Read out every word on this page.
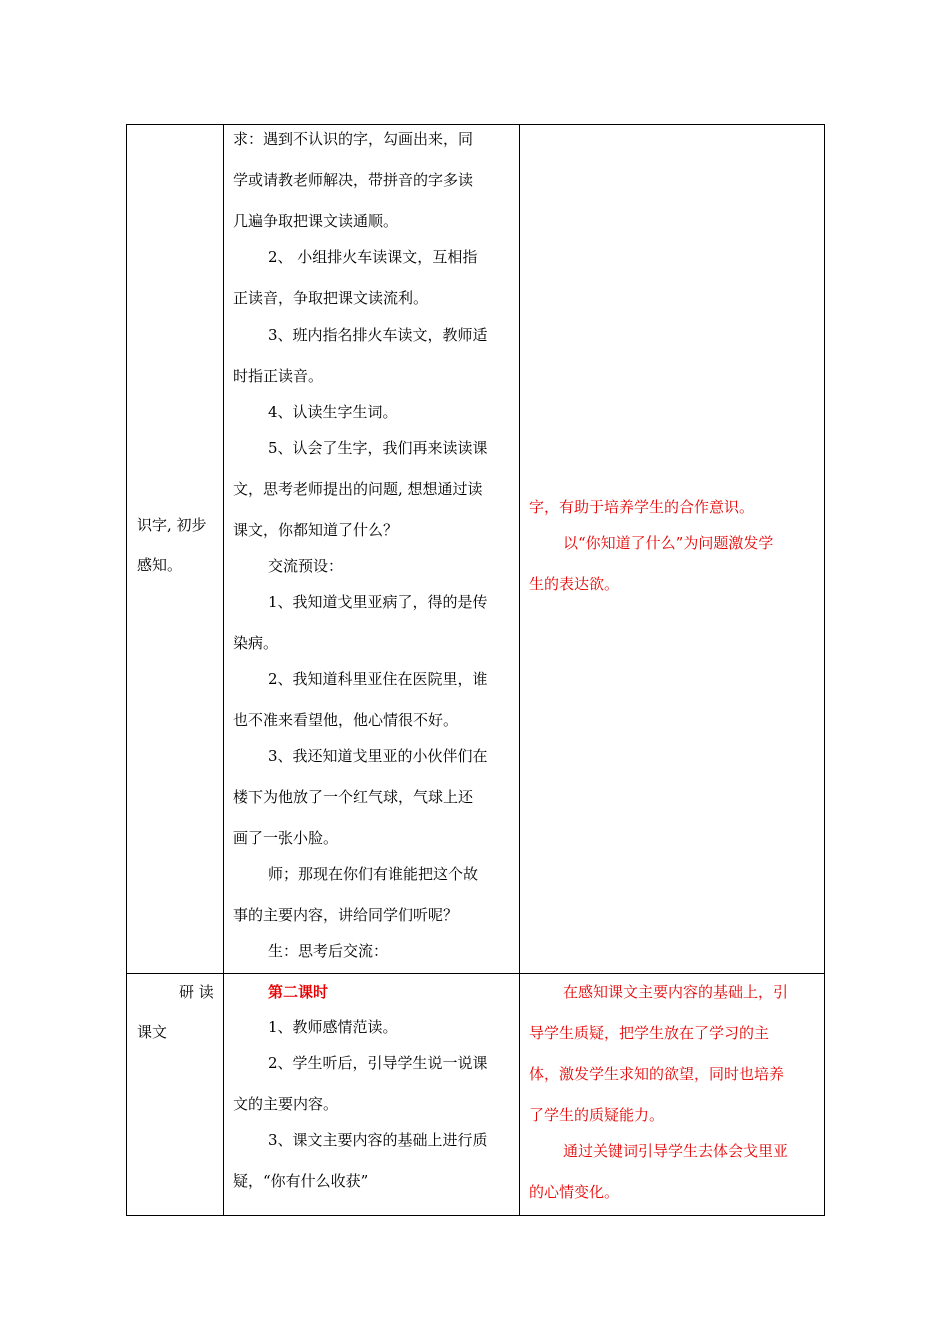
识字, 初步
感知。
求：遇到不认识的字，勾画出来，同
学或请教老师解决，带拼音的字多读
几遍争取把课文读通顺。
2、 小组排火车读课文，互相指
正读音，争取把课文读流利。
3、班内指名排火车读文，教师适
时指正读音。
4、认读生字生词。
5、认会了生字，我们再来读读课
文，思考老师提出的问题, 想想通过读
课文，你都知道了什么？
交流预设：
1、我知道戈里亚病了，得的是传
染病。
2、我知道科里亚住在医院里，谁
也不准来看望他，他心情很不好。
3、我还知道戈里亚的小伙伴们在
楼下为他放了一个红气球，气球上还
画了一张小脸。
师；那现在你们有谁能把这个故
事的主要内容，讲给同学们听呢？
生：思考后交流：
字，有助于培养学生的合作意识。
以“你知道了什么”为问题激发学
生的表达欲。
研 读
课文
第二课时
1、教师感情范读。
2、学生听后，引导学生说一说课
文的主要内容。
3、课文主要内容的基础上进行质
疑，“你有什么收获”
在感知课文主要内容的基础上，引
导学生质疑，把学生放在了学习的主
体，激发学生求知的欲望，同时也培养
了学生的质疑能力。
通过关键词引导学生去体会戈里亚
的心情变化。
